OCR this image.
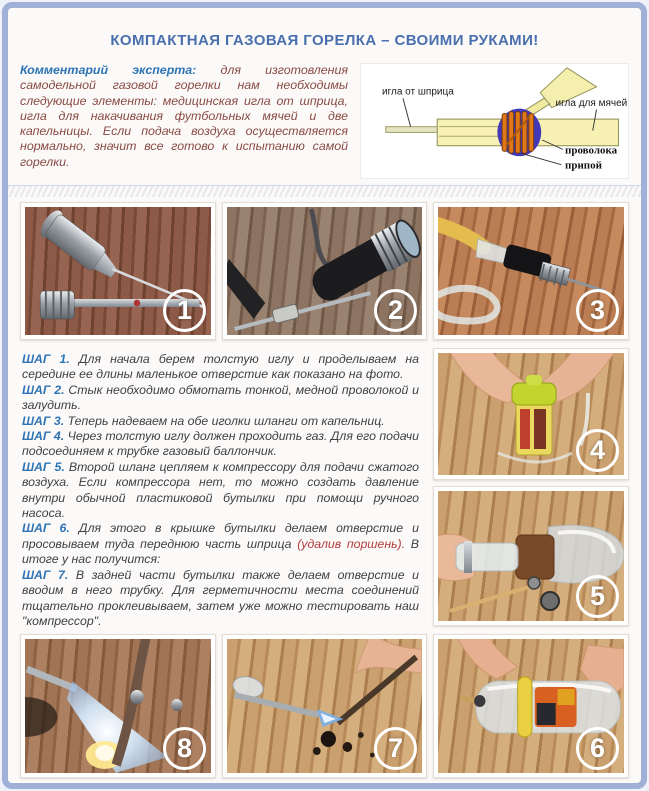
КОМПАКТНАЯ ГАЗОВАЯ ГОРЕЛКА – СВОИМИ РУКАМИ!
Комментарий эксперта: для изготовления самодельной газовой горелки нам необходимы следующие элементы: медицинская игла от шприца, игла для накачивания футбольных мячей и две капельницы. Если подача воздуха осуществляется нормально, значит все готово к испытанию самой горелки.
игла от шприца
игла для мячей
проволока
припой
1	2	3

ШАГ 1. Для начала берем толстую иглу и проделываем на середине ее длины маленькое отверстие как показано на фото.

ШАГ 2. Стык необходимо обмотать тонкой, медной проволокой и залудить.

ШАГ 3. Теперь надеваем на обе иголки шланги от капельниц.

ШАГ 4. Через толстую иглу должен проходить газ. Для его подачи подсоединяем к трубке газовый баллончик.

ШАГ 5. Второй шланг цепляем к компрессору для подачи сжатого воздуха. Если компрессора нет, то можно создать давление внутри обычной пластиковой бутылки при помощи ручного насоса.

ШАГ 6. Для этого в крышке бутылки делаем отверстие и просовываем туда переднюю часть шприца (удалив поршень). В итоге у нас получится:

ШАГ 7. В задней части бутылки также делаем отверстие и вводим в него трубку. Для герметичности места соединений тщательно проклеивываем, затем уже можно тестировать наш "компрессор".

4
5
8	7	6
